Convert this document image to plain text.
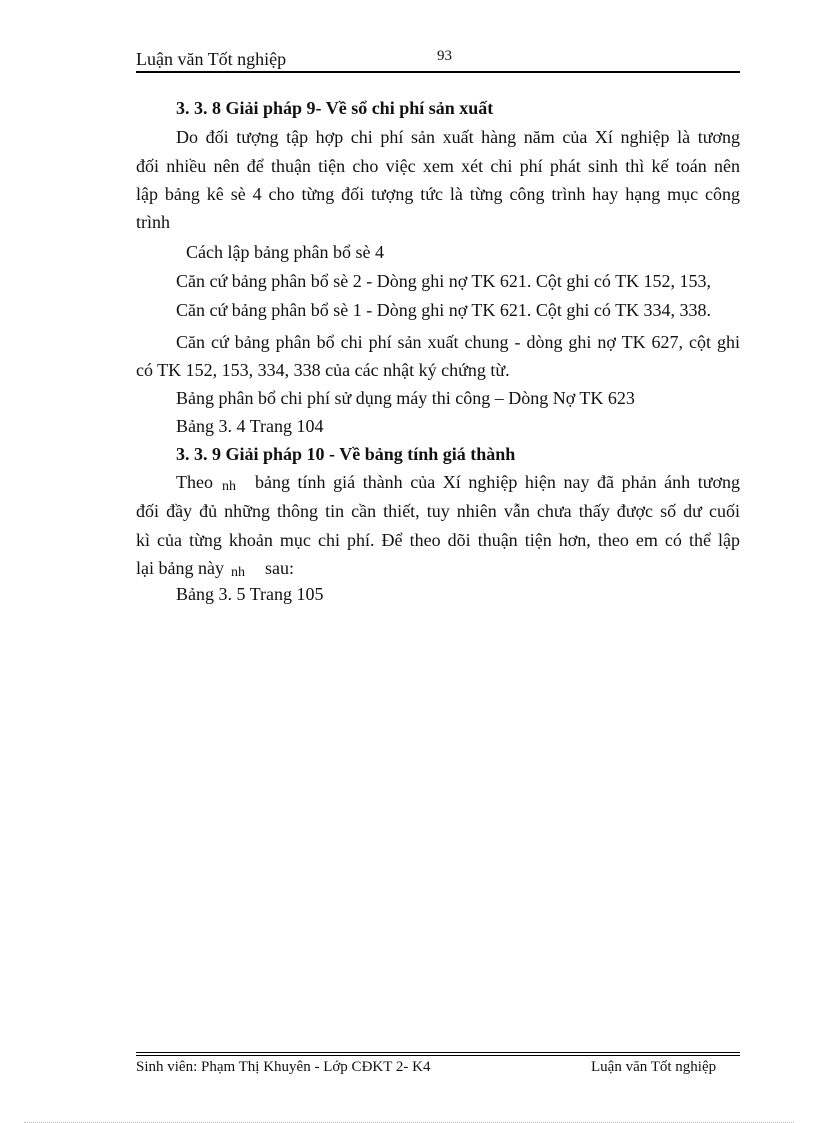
Luận văn Tốt nghiệp	93
3. 3. 8 Giải pháp 9- Về sổ chi phí sản xuất
Do đối tượng tập hợp chi phí sản xuất hàng năm của Xí nghiệp là tương
đối nhiều nên để thuận tiện cho việc xem xét chi phí phát sinh thì kế toán nên
lập bảng kê sè 4 cho từng đối tượng tức là từng công trình hay hạng mục công
trình
Cách lập bảng phân bổ sè 4
Căn cứ bảng phân bổ sè 2 - Dòng ghi nợ TK 621. Cột ghi có TK 152, 153,
Căn cứ bảng phân bổ sè 1 - Dòng ghi nợ TK 621. Cột ghi có TK 334, 338.
Căn cứ bảng phân bổ chi phí sản xuất chung - dòng ghi nợ TK 627, cột ghi
có TK 152, 153, 334, 338 của các nhật ký chứng từ.
Bảng phân bổ chi phí sử dụng máy thi công – Dòng Nợ TK 623
Bảng 3. 4 Trang 104
3. 3. 9 Giải pháp 10 - Về bảng tính giá thành
Theo nh bảng tính giá thành của Xí nghiệp hiện nay đã phản ánh tương
đối đầy đủ những thông tin cần thiết, tuy nhiên vẫn chưa thấy được số dư cuối
kì của từng khoản mục chi phí. Để theo dõi thuận tiện hơn, theo em có thể lập
lại bảng này nh sau:
Bảng 3. 5 Trang 105
Sinh viên: Phạm Thị Khuyên - Lớp CĐKT 2- K4	Luận văn Tốt nghiệp
